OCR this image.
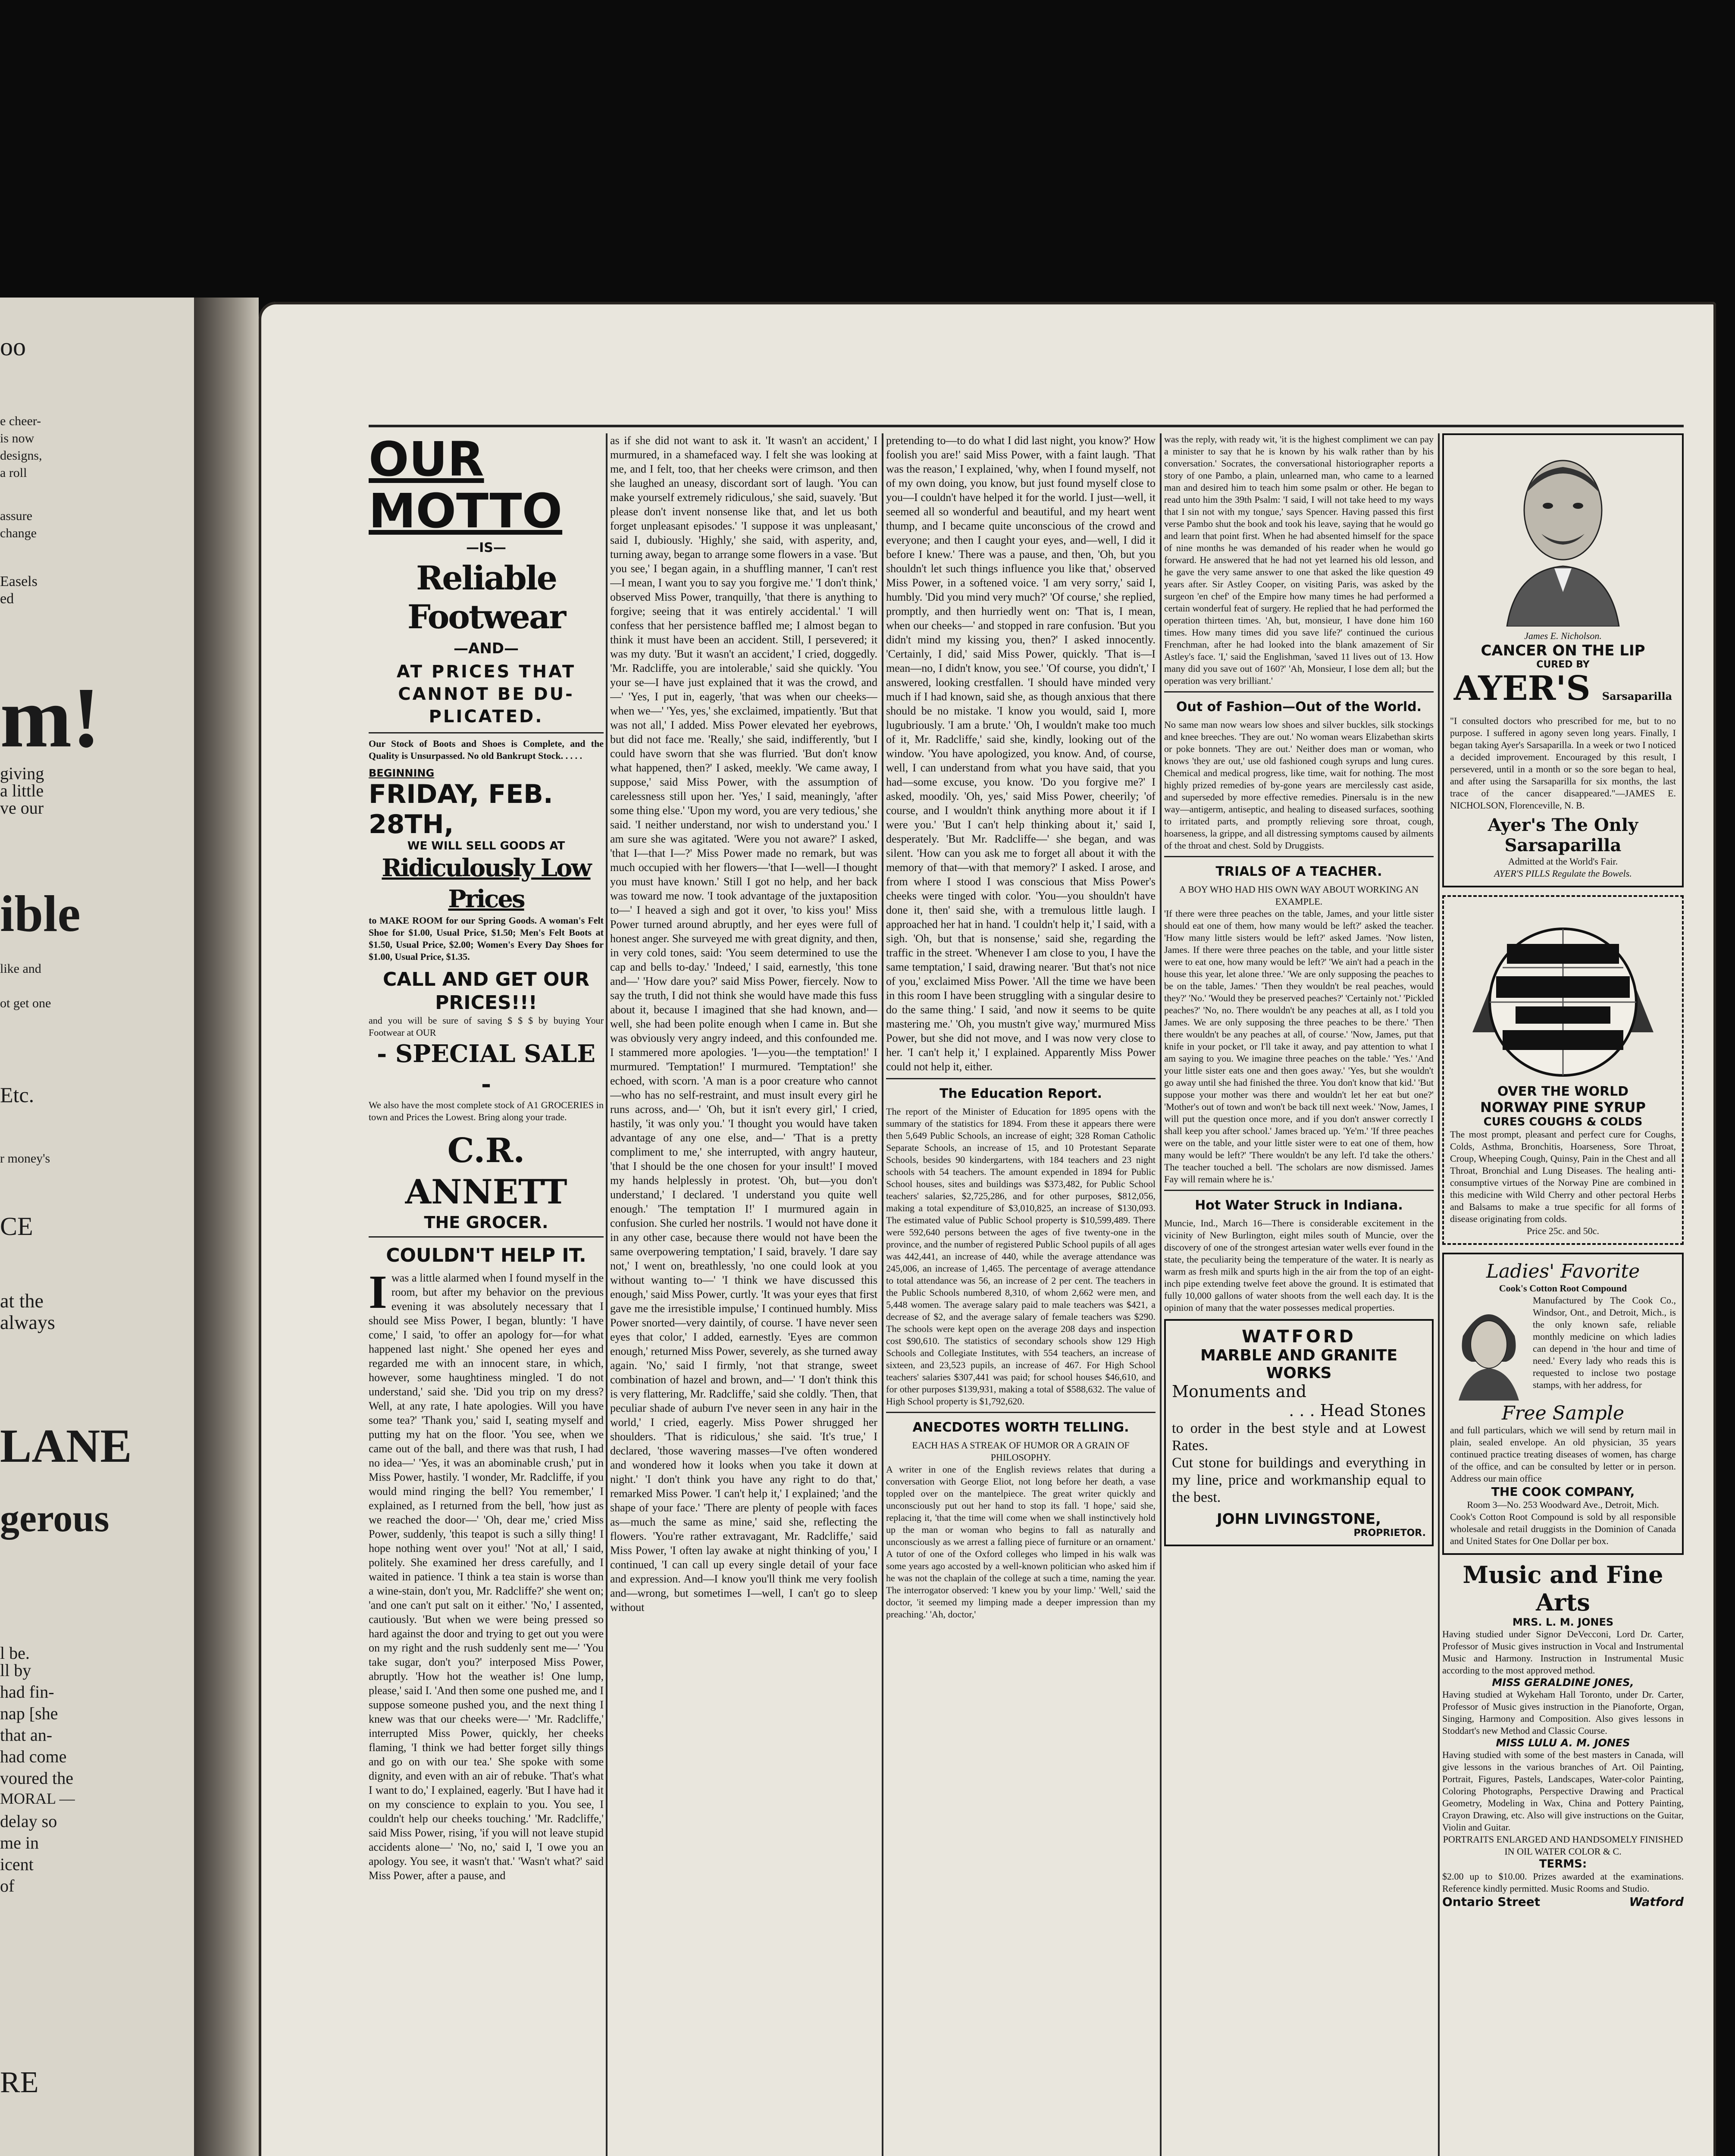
oo
e cheer-
is now
designs,
a roll
assure
change
Easels
ed
m!
giving
a little
ve our
ible
like and
ot get one
Etc.
r money's
CE
at the
always
LANE
gerous
l be.
ll by
had fin-
nap [she
that an-
had come
voured the
MORAL —
delay so
me in
icent
of
RE

OUR

MOTTO

—IS—

Reliable Footwear

—AND—

AT PRICES THAT CANNOT BE DU- PLICATED.

Our Stock of Boots and Shoes is Complete, and the Quality is Unsurpassed. No old Bankrupt Stock. . . . .

BEGINNING

FRIDAY, FEB. 28TH,

WE WILL SELL GOODS AT

Ridiculously Low Prices

to MAKE ROOM for our Spring Goods. A woman's Felt Shoe for $1.00, Usual Price, $1.50; Men's Felt Boots at $1.50, Usual Price, $2.00; Women's Every Day Shoes for $1.00, Usual Price, $1.35.

CALL AND GET OUR PRICES!!!

and you will be sure of saving $ $ $ by buying Your Footwear at OUR

- SPECIAL SALE -

We also have the most complete stock of A1 GROCERIES in town and Prices the Lowest. Bring along your trade.

C.R. ANNETT

THE GROCER.

COULDN'T HELP IT.
I was a little alarmed when I found myself in the room, but after my behavior on the previous evening it was absolutely necessary that I should see Miss Power, I began, bluntly: 'I have come,' I said, 'to offer an apology for—for what happened last night.' She opened her eyes and regarded me with an innocent stare, in which, however, some haughtiness mingled. 'I do not understand,' said she. 'Did you trip on my dress? Well, at any rate, I hate apologies. Will you have some tea?' 'Thank you,' said I, seating myself and putting my hat on the floor. 'You see, when we came out of the ball, and there was that rush, I had no idea—' 'Yes, it was an abominable crush,' put in Miss Power, hastily. 'I wonder, Mr. Radcliffe, if you would mind ringing the bell? You remember,' I explained, as I returned from the bell, 'how just as we reached the door—' 'Oh, dear me,' cried Miss Power, suddenly, 'this teapot is such a silly thing! I hope nothing went over you!' 'Not at all,' I said, politely. She examined her dress carefully, and I waited in patience. 'I think a tea stain is worse than a wine-stain, don't you, Mr. Radcliffe?' she went on; 'and one can't put salt on it either.' 'No,' I assented, cautiously. 'But when we were being pressed so hard against the door and trying to get out you were on my right and the rush suddenly sent me—' 'You take sugar, don't you?' interposed Miss Power, abruptly. 'How hot the weather is! One lump, please,' said I. 'And then some one pushed me, and I suppose someone pushed you, and the next thing I knew was that our cheeks were—' 'Mr. Radcliffe,' interrupted Miss Power, quickly, her cheeks flaming, 'I think we had better forget silly things and go on with our tea.' She spoke with some dignity, and even with an air of rebuke. 'That's what I want to do,' I explained, eagerly. 'But I have had it on my conscience to explain to you. You see, I couldn't help our cheeks touching.' 'Mr. Radcliffe,' said Miss Power, rising, 'if you will not leave stupid accidents alone—' 'No, no,' said I, 'I owe you an apology. You see, it wasn't that.' 'Wasn't what?' said Miss Power, after a pause, and

as if she did not want to ask it. 'It wasn't an accident,' I murmured, in a shamefaced way. I felt she was looking at me, and I felt, too, that her cheeks were crimson, and then she laughed an uneasy, discordant sort of laugh. 'You can make yourself extremely ridiculous,' she said, suavely. 'But please don't invent nonsense like that, and let us both forget unpleasant episodes.' 'I suppose it was unpleasant,' said I, dubiously. 'Highly,' she said, with asperity, and, turning away, began to arrange some flowers in a vase. 'But you see,' I began again, in a shuffling manner, 'I can't rest—I mean, I want you to say you forgive me.' 'I don't think,' observed Miss Power, tranquilly, 'that there is anything to forgive; seeing that it was entirely accidental.' 'I will confess that her persistence baffled me; I almost began to think it must have been an accident. Still, I persevered; it was my duty. 'But it wasn't an accident,' I cried, doggedly. 'Mr. Radcliffe, you are intolerable,' said she quickly. 'You your se—I have just explained that it was the crowd, and—' 'Yes, I put in, eagerly, 'that was when our cheeks—when we—' 'Yes, yes,' she exclaimed, impatiently. 'But that was not all,' I added. Miss Power elevated her eyebrows, but did not face me. 'Really,' she said, indifferently, 'but I could have sworn that she was flurried. 'But don't know what happened, then?' I asked, meekly. 'We came away, I suppose,' said Miss Power, with the assumption of carelessness still upon her. 'Yes,' I said, meaningly, 'after some thing else.' 'Upon my word, you are very tedious,' she said. 'I neither understand, nor wish to understand you.' I am sure she was agitated. 'Were you not aware?' I asked, 'that I—that I—?' Miss Power made no remark, but was much occupied with her flowers—'that I—well—I thought you must have known.' Still I got no help, and her back was toward me now. 'I took advantage of the juxtaposition to—' I heaved a sigh and got it over, 'to kiss you!' Miss Power turned around abruptly, and her eyes were full of honest anger. She surveyed me with great dignity, and then, in very cold tones, said: 'You seem determined to use the cap and bells to-day.' 'Indeed,' I said, earnestly, 'this tone and—' 'How dare you?' said Miss Power, fiercely. Now to say the truth, I did not think she would have made this fuss about it, because I imagined that she had known, and—well, she had been polite enough when I came in. But she was obviously very angry indeed, and this confounded me. I stammered more apologies. 'I—you—the temptation!' I murmured. 'Temptation!' I murmured. 'Temptation!' she echoed, with scorn. 'A man is a poor creature who cannot—who has no self-restraint, and must insult every girl he runs across, and—' 'Oh, but it isn't every girl,' I cried, hastily, 'it was only you.' 'I thought you would have taken advantage of any one else, and—' 'That is a pretty compliment to me,' she interrupted, with angry hauteur, 'that I should be the one chosen for your insult!' I moved my hands helplessly in protest. 'Oh, but—you don't understand,' I declared. 'I understand you quite well enough.' 'The temptation I!' I murmured again in confusion. She curled her nostrils. 'I would not have done it in any other case, because there would not have been the same overpowering temptation,' I said, bravely. 'I dare say not,' I went on, breathlessly, 'no one could look at you without wanting to—' 'I think we have discussed this enough,' said Miss Power, curtly. 'It was your eyes that first gave me the irresistible impulse,' I continued humbly. Miss Power snorted—very daintily, of course. 'I have never seen eyes that color,' I added, earnestly. 'Eyes are common enough,' returned Miss Power, severely, as she turned away again. 'No,' said I firmly, 'not that strange, sweet combination of hazel and brown, and—' 'I don't think this is very flattering, Mr. Radcliffe,' said she coldly. 'Then, that peculiar shade of auburn I've never seen in any hair in the world,' I cried, eagerly. Miss Power shrugged her shoulders. 'That is ridiculous,' she said. 'It's true,' I declared, 'those wavering masses—I've often wondered and wondered how it looks when you take it down at night.' 'I don't think you have any right to do that,' remarked Miss Power. 'I can't help it,' I explained; 'and the shape of your face.' 'There are plenty of people with faces as—much the same as mine,' said she, reflecting the flowers. 'You're rather extravagant, Mr. Radcliffe,' said Miss Power, 'I often lay awake at night thinking of you,' I continued, 'I can call up every single detail of your face and expression. And—I know you'll think me very foolish and—wrong, but sometimes I—well, I can't go to sleep without

pretending to—to do what I did last night, you know?' How foolish you are!' said Miss Power, with a faint laugh. 'That was the reason,' I explained, 'why, when I found myself, not of my own doing, you know, but just found myself close to you—I couldn't have helped it for the world. I just—well, it seemed all so wonderful and beautiful, and my heart went thump, and I became quite unconscious of the crowd and everyone; and then I caught your eyes, and—well, I did it before I knew.' There was a pause, and then, 'Oh, but you shouldn't let such things influence you like that,' observed Miss Power, in a softened voice. 'I am very sorry,' said I, humbly. 'Did you mind very much?' 'Of course,' she replied, promptly, and then hurriedly went on: 'That is, I mean, when our cheeks—' and stopped in rare confusion. 'But you didn't mind my kissing you, then?' I asked innocently. 'Certainly, I did,' said Miss Power, quickly. 'That is—I mean—no, I didn't know, you see.' 'Of course, you didn't,' I answered, looking crestfallen. 'I should have minded very much if I had known, said she, as though anxious that there should be no mistake. 'I know you would, said I, more lugubriously. 'I am a brute.' 'Oh, I wouldn't make too much of it, Mr. Radcliffe,' said she, kindly, looking out of the window. 'You have apologized, you know. And, of course, well, I can understand from what you have said, that you had—some excuse, you know. 'Do you forgive me?' I asked, moodily. 'Oh, yes,' said Miss Power, cheerily; 'of course, and I wouldn't think anything more about it if I were you.' 'But I can't help thinking about it,' said I, desperately. 'But Mr. Radcliffe—' she began, and was silent. 'How can you ask me to forget all about it with the memory of that—with that memory?' I asked. I arose, and from where I stood I was conscious that Miss Power's cheeks were tinged with color. 'You—you shouldn't have done it, then' said she, with a tremulous little laugh. I approached her hat in hand. 'I couldn't help it,' I said, with a sigh. 'Oh, but that is nonsense,' said she, regarding the traffic in the street. 'Whenever I am close to you, I have the same temptation,' I said, drawing nearer. 'But that's not nice of you,' exclaimed Miss Power. 'All the time we have been in this room I have been struggling with a singular desire to do the same thing.' I said, 'and now it seems to be quite mastering me.' 'Oh, you mustn't give way,' murmured Miss Power, but she did not move, and I was now very close to her. 'I can't help it,' I explained. Apparently Miss Power could not help it, either.

The Education Report.

The report of the Minister of Education for 1895 opens with the summary of the statistics for 1894. From these it appears there were then 5,649 Public Schools, an increase of eight; 328 Roman Catholic Separate Schools, an increase of 15, and 10 Protestant Separate Schools, besides 90 kindergartens, with 184 teachers and 23 night schools with 54 teachers. The amount expended in 1894 for Public School houses, sites and buildings was $373,482, for Public School teachers' salaries, $2,725,286, and for other purposes, $812,056, making a total expenditure of $3,010,825, an increase of $130,093. The estimated value of Public School property is $10,599,489. There were 592,640 persons between the ages of five twenty-one in the province, and the number of registered Public School pupils of all ages was 442,441, an increase of 440, while the average attendance was 245,006, an increase of 1,465. The percentage of average attendance to total attendance was 56, an increase of 2 per cent. The teachers in the Public Schools numbered 8,310, of whom 2,662 were men, and 5,448 women. The average salary paid to male teachers was $421, a decrease of $2, and the average salary of female teachers was $290. The schools were kept open on the average 208 days and inspection cost $90,610. The statistics of secondary schools show 129 High Schools and Collegiate Institutes, with 554 teachers, an increase of sixteen, and 23,523 pupils, an increase of 467. For High School teachers' salaries $307,441 was paid; for school houses $46,610, and for other purposes $139,931, making a total of $588,632. The value of High School property is $1,792,620.

ANECDOTES WORTH TELLING.

EACH HAS A STREAK OF HUMOR OR A GRAIN OF PHILOSOPHY.

A writer in one of the English reviews relates that during a conversation with George Eliot, not long before her death, a vase toppled over on the mantelpiece. The great writer quickly and unconsciously put out her hand to stop its fall. 'I hope,' said she, replacing it, 'that the time will come when we shall instinctively hold up the man or woman who begins to fall as naturally and unconsciously as we arrest a falling piece of furniture or an ornament.' A tutor of one of the Oxford colleges who limped in his walk was some years ago accosted by a well-known politician who asked him if he was not the chaplain of the college at such a time, naming the year. The interrogator observed: 'I knew you by your limp.' 'Well,' said the doctor, 'it seemed my limping made a deeper impression than my preaching.' 'Ah, doctor,'

was the reply, with ready wit, 'it is the highest compliment we can pay a minister to say that he is known by his walk rather than by his conversation.' Socrates, the conversational historiographer reports a story of one Pambo, a plain, unlearned man, who came to a learned man and desired him to teach him some psalm or other. He began to read unto him the 39th Psalm: 'I said, I will not take heed to my ways that I sin not with my tongue,' says Spencer. Having passed this first verse Pambo shut the book and took his leave, saying that he would go and learn that point first. When he had absented himself for the space of nine months he was demanded of his reader when he would go forward. He answered that he had not yet learned his old lesson, and he gave the very same answer to one that asked the like question 49 years after. Sir Astley Cooper, on visiting Paris, was asked by the surgeon 'en chef' of the Empire how many times he had performed a certain wonderful feat of surgery. He replied that he had performed the operation thirteen times. 'Ah, but, monsieur, I have done him 160 times. How many times did you save life?' continued the curious Frenchman, after he had looked into the blank amazement of Sir Astley's face. 'I,' said the Englishman, 'saved 11 lives out of 13. How many did you save out of 160?' 'Ah, Monsieur, I lose dem all; but the operation was very brilliant.'

Out of Fashion—Out of the World.

No same man now wears low shoes and silver buckles, silk stockings and knee breeches. 'They are out.' No woman wears Elizabethan skirts or poke bonnets. 'They are out.' Neither does man or woman, who knows 'they are out,' use old fashioned cough syrups and lung cures. Chemical and medical progress, like time, wait for nothing. The most highly prized remedies of by-gone years are mercilessly cast aside, and superseded by more effective remedies. Pinersalu is in the new way—antigerm, antiseptic, and healing to diseased surfaces, soothing to irritated parts, and promptly relieving sore throat, cough, hoarseness, la grippe, and all distressing symptoms caused by ailments of the throat and chest. Sold by Druggists.

TRIALS OF A TEACHER.

A BOY WHO HAD HIS OWN WAY ABOUT WORKING AN EXAMPLE.

'If there were three peaches on the table, James, and your little sister should eat one of them, how many would be left?' asked the teacher. 'How many little sisters would be left?' asked James. 'Now listen, James. If there were three peaches on the table, and your little sister were to eat one, how many would be left?' 'We ain't had a peach in the house this year, let alone three.' 'We are only supposing the peaches to be on the table, James.' 'Then they wouldn't be real peaches, would they?' 'No.' 'Would they be preserved peaches?' 'Certainly not.' 'Pickled peaches?' 'No, no. There wouldn't be any peaches at all, as I told you James. We are only supposing the three peaches to be there.' 'Then there wouldn't be any peaches at all, of course.' 'Now, James, put that knife in your pocket, or I'll take it away, and pay attention to what I am saying to you. We imagine three peaches on the table.' 'Yes.' 'And your little sister eats one and then goes away.' 'Yes, but she wouldn't go away until she had finished the three. You don't know that kid.' 'But suppose your mother was there and wouldn't let her eat but one?' 'Mother's out of town and won't be back till next week.' 'Now, James, I will put the question once more, and if you don't answer correctly I shall keep you after school.' James braced up. 'Ye'm.' 'If three peaches were on the table, and your little sister were to eat one of them, how many would be left?' 'There wouldn't be any left. I'd take the others.' The teacher touched a bell. 'The scholars are now dismissed. James Fay will remain where he is.'

Hot Water Struck in Indiana.

Muncie, Ind., March 16—There is considerable excitement in the vicinity of New Burlington, eight miles south of Muncie, over the discovery of one of the strongest artesian water wells ever found in the state, the peculiarity being the temperature of the water. It is nearly as warm as fresh milk and spurts high in the air from the top of an eight-inch pipe extending twelve feet above the ground. It is estimated that fully 10,000 gallons of water shoots from the well each day. It is the opinion of many that the water possesses medical properties.

WATFORD

MARBLE AND GRANITE WORKS

Monuments and

. . . Head Stones

to order in the best style and at Lowest Rates.

Cut stone for buildings and everything in my line, price and workmanship equal to the best.

JOHN LIVINGSTONE,

PROPRIETOR.

James E. Nicholson.

CANCER ON THE LIP

CURED BY

AYER'S Sarsaparilla

"I consulted doctors who prescribed for me, but to no purpose. I suffered in agony seven long years. Finally, I began taking Ayer's Sarsaparilla. In a week or two I noticed a decided improvement. Encouraged by this result, I persevered, until in a month or so the sore began to heal, and after using the Sarsaparilla for six months, the last trace of the cancer disappeared."—JAMES E. NICHOLSON, Florenceville, N. B.

Ayer's The Only Sarsaparilla

Admitted at the World's Fair.

AYER'S PILLS Regulate the Bowels.

OVER THE WORLD

NORWAY PINE SYRUP

CURES COUGHS & COLDS

The most prompt, pleasant and perfect cure for Coughs, Colds, Asthma, Bronchitis, Hoarseness, Sore Throat, Croup, Wheeping Cough, Quinsy, Pain in the Chest and all Throat, Bronchial and Lung Diseases. The healing anti-consumptive virtues of the Norway Pine are combined in this medicine with Wild Cherry and other pectoral Herbs and Balsams to make a true specific for all forms of disease originating from colds.

Price 25c. and 50c.

Ladies' Favorite

Cook's Cotton Root Compound

Manufactured by The Cook Co., Windsor, Ont., and Detroit, Mich., is the only known safe, reliable monthly medicine on which ladies can depend in 'the hour and time of need.' Every lady who reads this is requested to inclose two postage stamps, with her address, for

Free Sample

and full particulars, which we will send by return mail in plain, sealed envelope. An old physician, 35 years continued practice treating diseases of women, has charge of the office, and can be consulted by letter or in person. Address our main office

THE COOK COMPANY,

Room 3—No. 253 Woodward Ave., Detroit, Mich.

Cook's Cotton Root Compound is sold by all responsible wholesale and retail druggists in the Dominion of Canada and United States for One Dollar per box.

Music and Fine Arts

MRS. L. M. JONES

Having studied under Signor DeVecconi, Lord Dr. Carter, Professor of Music gives instruction in Vocal and Instrumental Music and Harmony. Instruction in Instrumental Music according to the most approved method.

MISS GERALDINE JONES,

Having studied at Wykeham Hall Toronto, under Dr. Carter, Professor of Music gives instruction in the Pianoforte, Organ, Singing, Harmony and Composition. Also gives lessons in Stoddart's new Method and Classic Course.

MISS LULU A. M. JONES

Having studied with some of the best masters in Canada, will give lessons in the various branches of Art. Oil Painting, Portrait, Figures, Pastels, Landscapes, Water-color Painting, Coloring Photographs, Perspective Drawing and Practical Geometry, Modeling in Wax, China and Pottery Painting, Crayon Drawing, etc. Also will give instructions on the Guitar, Violin and Guitar.

PORTRAITS ENLARGED AND HANDSOMELY FINISHED IN OIL WATER COLOR & C.

TERMS:

$2.00 up to $10.00. Prizes awarded at the examinations. Reference kindly permitted. Music Rooms and Studio.

Ontario Street	Watford
